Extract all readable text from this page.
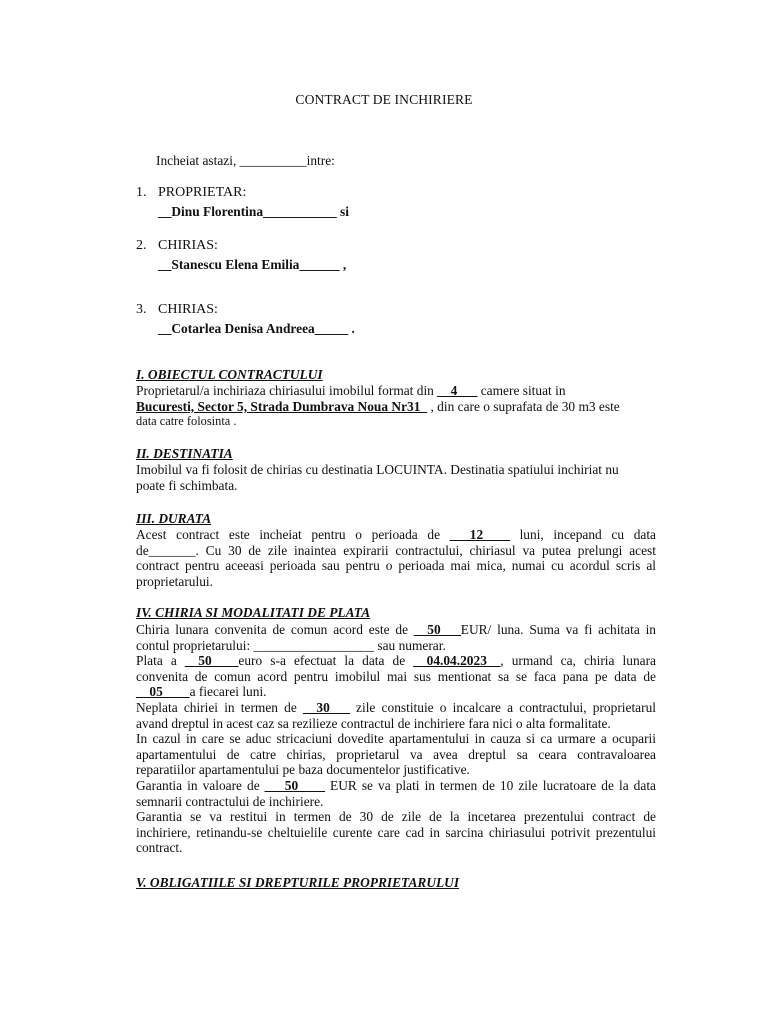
CONTRACT DE INCHIRIERE
Incheiat astazi, __________intre:
1. PROPRIETAR:
__Dinu Florentina___________ si
2. CHIRIAS:
__Stanescu Elena Emilia______ ,
3. CHIRIAS:
__Cotarlea Denisa Andreea_____ .
I. OBIECTUL CONTRACTULUI
Proprietarul/a inchiriaza chiriasului imobilul format din __4___ camere situat in
Bucuresti, Sector 5, Strada Dumbrava Noua Nr31_ , din care o suprafata de 30 m3 este
data catre folosinta .
II. DESTINATIA
Imobilul va fi folosit de chirias cu destinatia LOCUINTA. Destinatia spatiului inchiriat nu
poate fi schimbata.
III. DURATA
Acest contract este incheiat pentru o perioada de ___12____ luni, incepand cu data
de_______. Cu 30 de zile inaintea expirarii contractului, chiriasul va putea prelungi acest
contract pentru aceeasi perioada sau pentru o perioada mai mica, numai cu acordul scris al
proprietarului.
IV. CHIRIA SI MODALITATI DE PLATA
Chiria lunara convenita de comun acord este de __50___EUR/ luna. Suma va fi achitata in
contul proprietarului: __________________ sau numerar.
Plata a __50____euro s-a efectuat la data de __04.04.2023__, urmand ca, chiria lunara
convenita de comun acord pentru imobilul mai sus mentionat sa se faca pana pe data de
__05____a fiecarei luni.
Neplata chiriei in termen de __30___ zile constituie o incalcare a contractului, proprietarul
avand dreptul in acest caz sa rezilieze contractul de inchiriere fara nici o alta formalitate.
In cazul in care se aduc stricaciuni dovedite apartamentului in cauza si ca urmare a ocuparii
apartamentului de catre chirias, proprietarul va avea dreptul sa ceara contravaloarea
reparatiilor apartamentului pe baza documentelor justificative.
Garantia in valoare de ___50____ EUR se va plati in termen de 10 zile lucratoare de la data
semnarii contractului de inchiriere.
Garantia se va restitui in termen de 30 de zile de la incetarea prezentului contract de
inchiriere, retinandu-se cheltuielile curente care cad in sarcina chiriasului potrivit prezentului
contract.
V. OBLIGATIILE SI DREPTURILE PROPRIETARULUI
